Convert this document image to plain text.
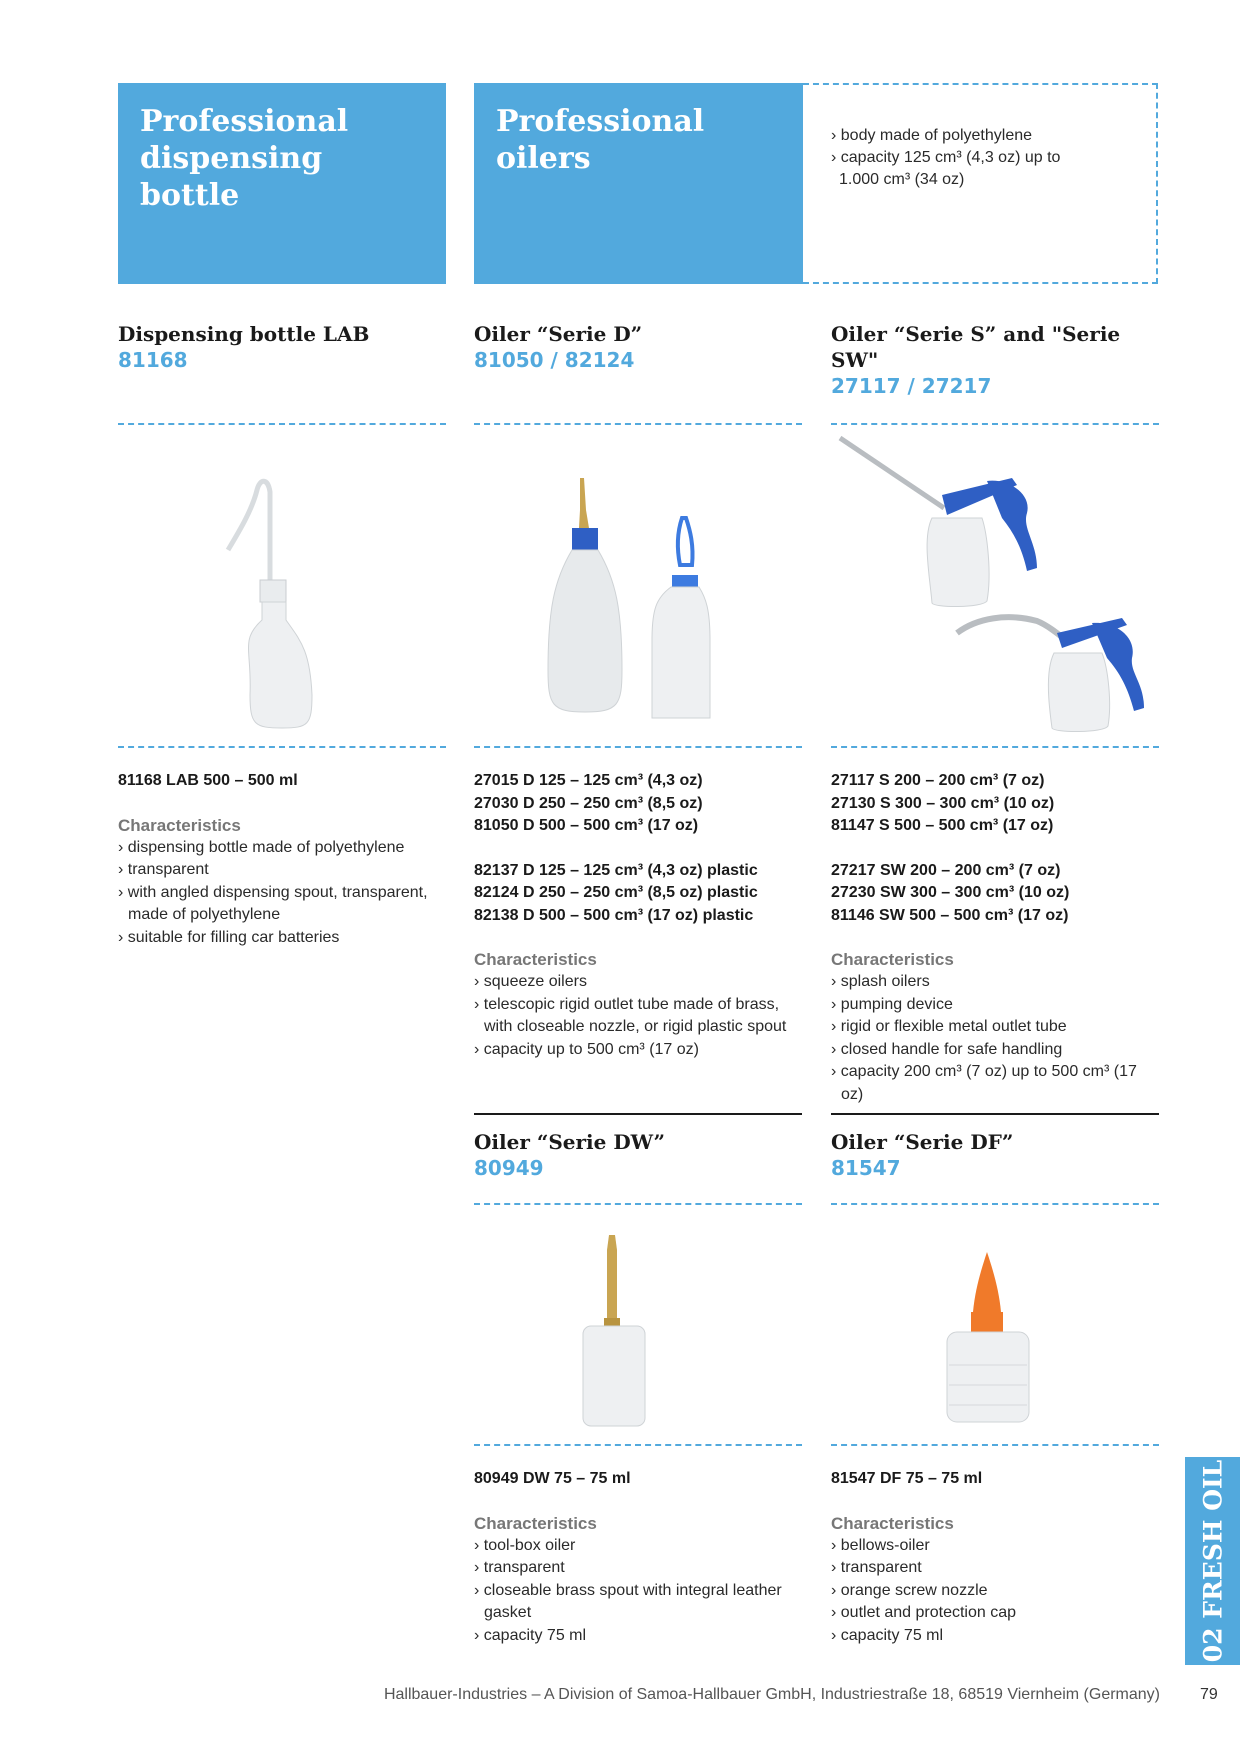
Professional
dispensing bottle
Professional
oilers
› body made of polyethylene
› capacity 125 cm³ (4,3 oz) up to
1.000 cm³ (34 oz)
Dispensing bottle LAB
81168
Oiler “Serie D”
81050 / 82124
Oiler “Serie S” and "Serie SW"
27117 / 27217
81168 LAB 500 – 500 ml
Characteristics
› dispensing bottle made of polyethylene
› transparent
› with angled dispensing spout, transparent, made of polyethylene
› suitable for filling car batteries
27015 D 125 – 125 cm³ (4,3 oz)
27030 D 250 – 250 cm³ (8,5 oz)
81050 D 500 – 500 cm³ (17 oz)
82137 D 125 – 125 cm³ (4,3 oz) plastic
82124 D 250 – 250 cm³ (8,5 oz) plastic
82138 D 500 – 500 cm³ (17 oz) plastic
Characteristics
› squeeze oilers
› telescopic rigid outlet tube made of brass, with closeable nozzle, or rigid plastic spout
› capacity up to 500 cm³ (17 oz)
27117 S 200 – 200 cm³ (7 oz)
27130 S 300 – 300 cm³ (10 oz)
81147 S 500 – 500 cm³ (17 oz)
27217 SW 200 – 200 cm³ (7 oz)
27230 SW 300 – 300 cm³ (10 oz)
81146 SW 500 – 500 cm³ (17 oz)
Characteristics
› splash oilers
› pumping device
› rigid or flexible metal outlet tube
› closed handle for safe handling
› capacity 200 cm³ (7 oz) up to 500 cm³ (17 oz)
Oiler “Serie DW”
80949
Oiler “Serie DF”
81547
80949 DW 75 – 75 ml
Characteristics
› tool-box oiler
› transparent
› closeable brass spout with integral leather gasket
› capacity 75 ml
81547 DF 75 – 75 ml
Characteristics
› bellows-oiler
› transparent
› orange screw nozzle
› outlet and protection cap
› capacity 75 ml	02 FRESH OIL
Hallbauer-Industries – A Division of Samoa-Hallbauer GmbH, Industriestraße 18, 68519 Viernheim (Germany)	79
